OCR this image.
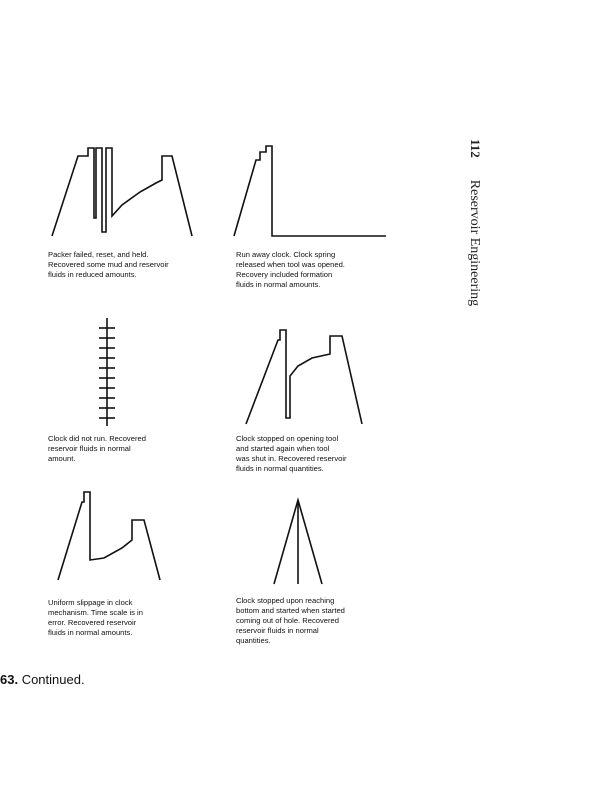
Packer failed, reset, and held.
Recovered some mud and reservoir
fluids in reduced amounts.
Run away clock. Clock spring
released when tool was opened.
Recovery included formation
fluids in normal amounts.
Clock did not run. Recovered
reservoir fluids in normal
amount.
Clock stopped on opening tool
and started again when tool
was shut in. Recovered reservoir
fluids in normal quantities.
Uniform slippage in clock
mechanism. Time scale is in
error. Recovered reservoir
fluids in normal amounts.
Clock stopped upon reaching
bottom and started when started
coming out of hole. Recovered
reservoir fluids in normal
quantities.
63. Continued.
112Reservoir Engineering
